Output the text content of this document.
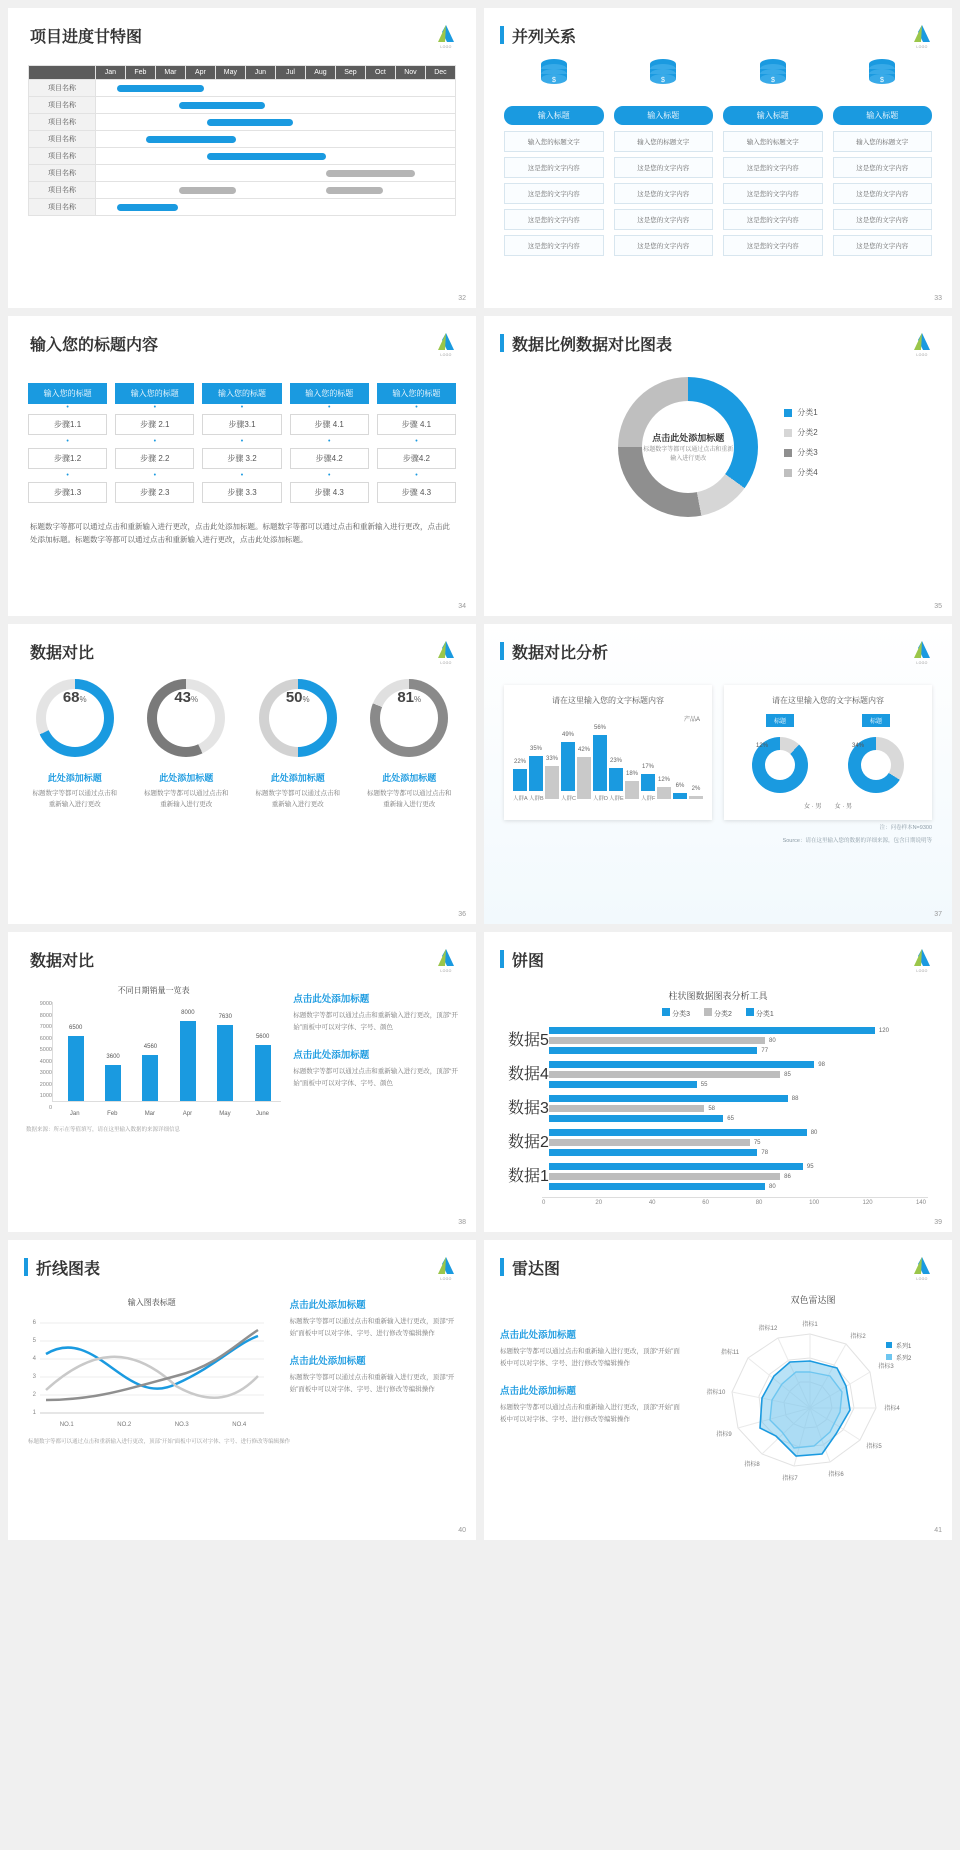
项目进度甘特图
LOGO
	Jan	Feb	Mar	Apr	May	Jun	Jul	Aug	Sep	Oct	Nov	Dec
项目名称												

项目名称												

项目名称												

项目名称												

项目名称												

项目名称												

项目名称												

项目名称												
32
并列关系
LOGO
$
输入标题
输入您的标题文字
这是您的文字内容
这是您的文字内容
这是您的文字内容
这是您的文字内容
$
输入标题
输入您的标题文字
这是您的文字内容
这是您的文字内容
这是您的文字内容
这是您的文字内容
$
输入标题
输入您的标题文字
这是您的文字内容
这是您的文字内容
这是您的文字内容
这是您的文字内容
$
输入标题
输入您的标题文字
这是您的文字内容
这是您的文字内容
这是您的文字内容
这是您的文字内容
33
输入您的标题内容
LOGO
输入您的标题
•
步骤1.1
•
步骤1.2
•
步骤1.3
输入您的标题
•
步骤 2.1
•
步骤 2.2
•
步骤 2.3
输入您的标题
•
步骤3.1
•
步骤 3.2
•
步骤 3.3
输入您的标题
•
步骤 4.1
•
步骤4.2
•
步骤 4.3
输入您的标题
•
步骤 4.1
•
步骤4.2
•
步骤 4.3
标题数字等都可以通过点击和重新输入进行更改，点击此处添加标题。标题数字等都可以通过点击和重新输入进行更改，点击此处添加标题。标题数字等都可以通过点击和重新输入进行更改，点击此处添加标题。
34
数据比例数据对比图表
LOGO
点击此处添加标题
标题数字等都可以通过点击和重新输入进行更改
分类1
分类2
分类3
分类4
35
数据对比
LOGO
68 %
此处添加标题
标题数字等都可以通过点击和重新输入进行更改
43 %
此处添加标题
标题数字等都可以通过点击和重新输入进行更改
50 %
此处添加标题
标题数字等都可以通过点击和重新输入进行更改
81 %
此处添加标题
标题数字等都可以通过点击和重新输入进行更改
36
数据对比分析
LOGO
请在这里输入您的文字标题内容
22%
人群A
35%
人群B
33%
49%
人群C
42%
56%
人群D
23%
人群E
18%
17%
人群F
12%
6% 2%
产品A
请在这里输入您的文字标题内容
标题	标题
12%	34%
女 · 男 女 · 男
注：问卷样本N=9300
Source：请在这里输入您的数据的详细来源，包含日期说明等
37
数据对比
LOGO
不同日期销量一览表
9000
8000
7000
6000
5000
4000
3000
2000
1000
0
6500
3600
4560
8000
7630
5600
Jan	Feb	Mar	Apr	May	June
数据来源：所示在等值填写，请在这里输入数据的来源详细信息
点击此处添加标题
标题数字等都可以通过点击和重新输入进行更改，顶部“开始”面板中可以对字体、字号、颜色
点击此处添加标题
标题数字等都可以通过点击和重新输入进行更改，顶部“开始”面板中可以对字体、字号、颜色
38
饼图
LOGO
柱状图数据图表分析工具
分类3	分类2	分类1
数据5
120
80
77
数据4
98
85
55
数据3
88
58
65
数据2
80
75
78
数据1
95
86
80
0	20	40	60	80	100	120	140
39
折线图表
LOGO
输入图表标题
6
5
4
3
2
1
NO.1	NO.2	NO.3	NO.4
点击此处添加标题
标题数字等都可以通过点击和重新输入进行更改，顶部“开始”面板中可以对字体、字号、进行修改等编辑操作
点击此处添加标题
标题数字等都可以通过点击和重新输入进行更改，顶部“开始”面板中可以对字体、字号、进行修改等编辑操作
标题数字等都可以通过点击和重新输入进行更改，顶部“开始”面板中可以对字体、字号、进行修改等编辑操作
40
雷达图
LOGO
点击此处添加标题
标题数字等都可以通过点击和重新输入进行更改，顶部“开始”面板中可以对字体、字号、进行修改等编辑操作
点击此处添加标题
标题数字等都可以通过点击和重新输入进行更改，顶部“开始”面板中可以对字体、字号、进行修改等编辑操作
双色雷达图
指标1
指标2
指标3
指标4
指标5
指标6
指标7
指标8
指标9
指标10
指标11
指标12
系列1
系列2
41
